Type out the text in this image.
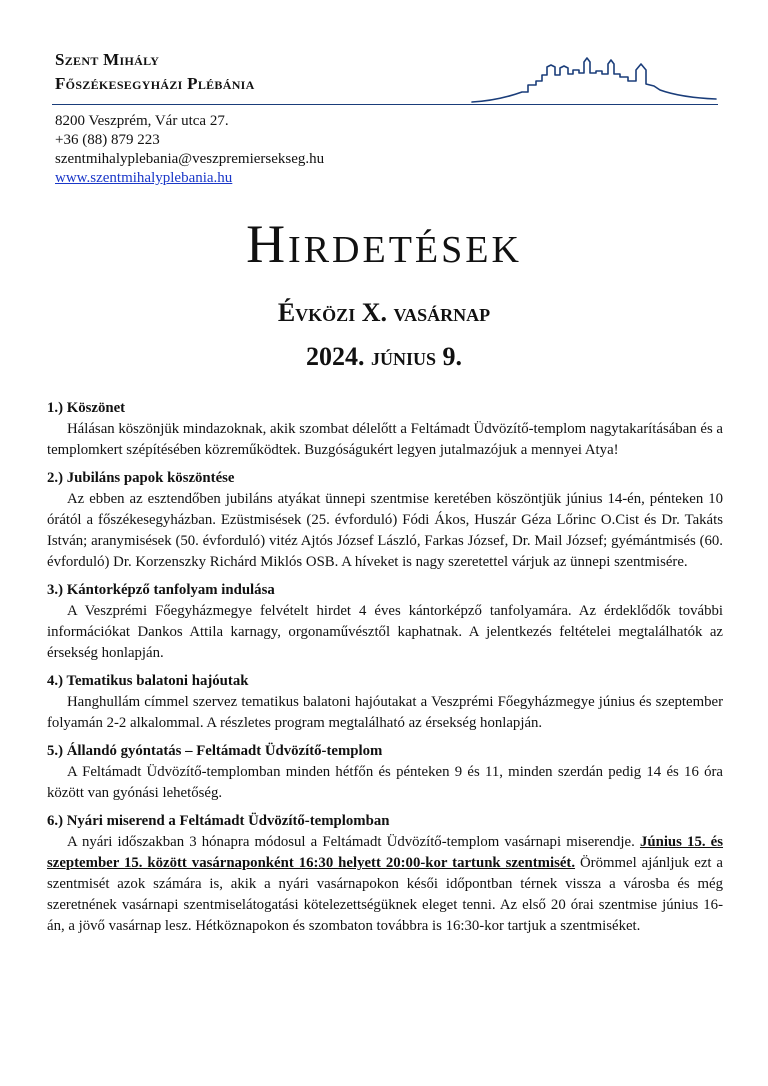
Szent Mihály
Főszékesegyházi Plébánia
8200 Veszprém, Vár utca 27.
+36 (88) 879 223
szentmihalyplebania@veszpremiersekseg.hu
www.szentmihalyplebania.hu
Hirdetések
Évközi X. vasárnap
2024. június 9.

1.) Köszönet

Hálásan köszönjük mindazoknak, akik szombat délelőtt a Feltámadt Üdvözítő-templom nagytakarításában és a templomkert szépítésében közreműködtek. Buzgóságukért legyen jutalmazójuk a mennyei Atya!

2.) Jubiláns papok köszöntése

Az ebben az esztendőben jubiláns atyákat ünnepi szentmise keretében köszöntjük június 14-én, pénteken 10 órától a főszékesegyházban. Ezüstmisések (25. évforduló) Fódi Ákos, Huszár Géza Lőrinc O.Cist és Dr. Takáts István; aranymisések (50. évforduló) vitéz Ajtós József László, Farkas József, Dr. Mail József; gyémántmisés (60. évforduló) Dr. Korzenszky Richárd Miklós OSB. A híveket is nagy szeretettel várjuk az ünnepi szentmisére.

3.) Kántorképző tanfolyam indulása

A Veszprémi Főegyházmegye felvételt hirdet 4 éves kántorképző tanfolyamára. Az érdeklődők további információkat Dankos Attila karnagy, orgonaművésztől kaphatnak. A jelentkezés feltételei megtalálhatók az érsekség honlapján.

4.) Tematikus balatoni hajóutak

Hanghullám címmel szervez tematikus balatoni hajóutakat a Veszprémi Főegyházmegye június és szeptember folyamán 2-2 alkalommal. A részletes program megtalálható az érsekség honlapján.

5.) Állandó gyóntatás – Feltámadt Üdvözítő-templom

A Feltámadt Üdvözítő-templomban minden hétfőn és pénteken 9 és 11, minden szerdán pedig 14 és 16 óra között van gyónási lehetőség.

6.) Nyári miserend a Feltámadt Üdvözítő-templomban

A nyári időszakban 3 hónapra módosul a Feltámadt Üdvözítő-templom vasárnapi miserendje. Június 15. és szeptember 15. között vasárnaponként 16:30 helyett 20:00-kor tartunk szentmisét. Örömmel ajánljuk ezt a szentmisét azok számára is, akik a nyári vasárnapokon késői időpontban térnek vissza a városba és még szeretnének vasárnapi szentmiselátogatási kötelezettségüknek eleget tenni. Az első 20 órai szentmise június 16-án, a jövő vasárnap lesz. Hétköznapokon és szombaton továbbra is 16:30-kor tartjuk a szentmiséket.
